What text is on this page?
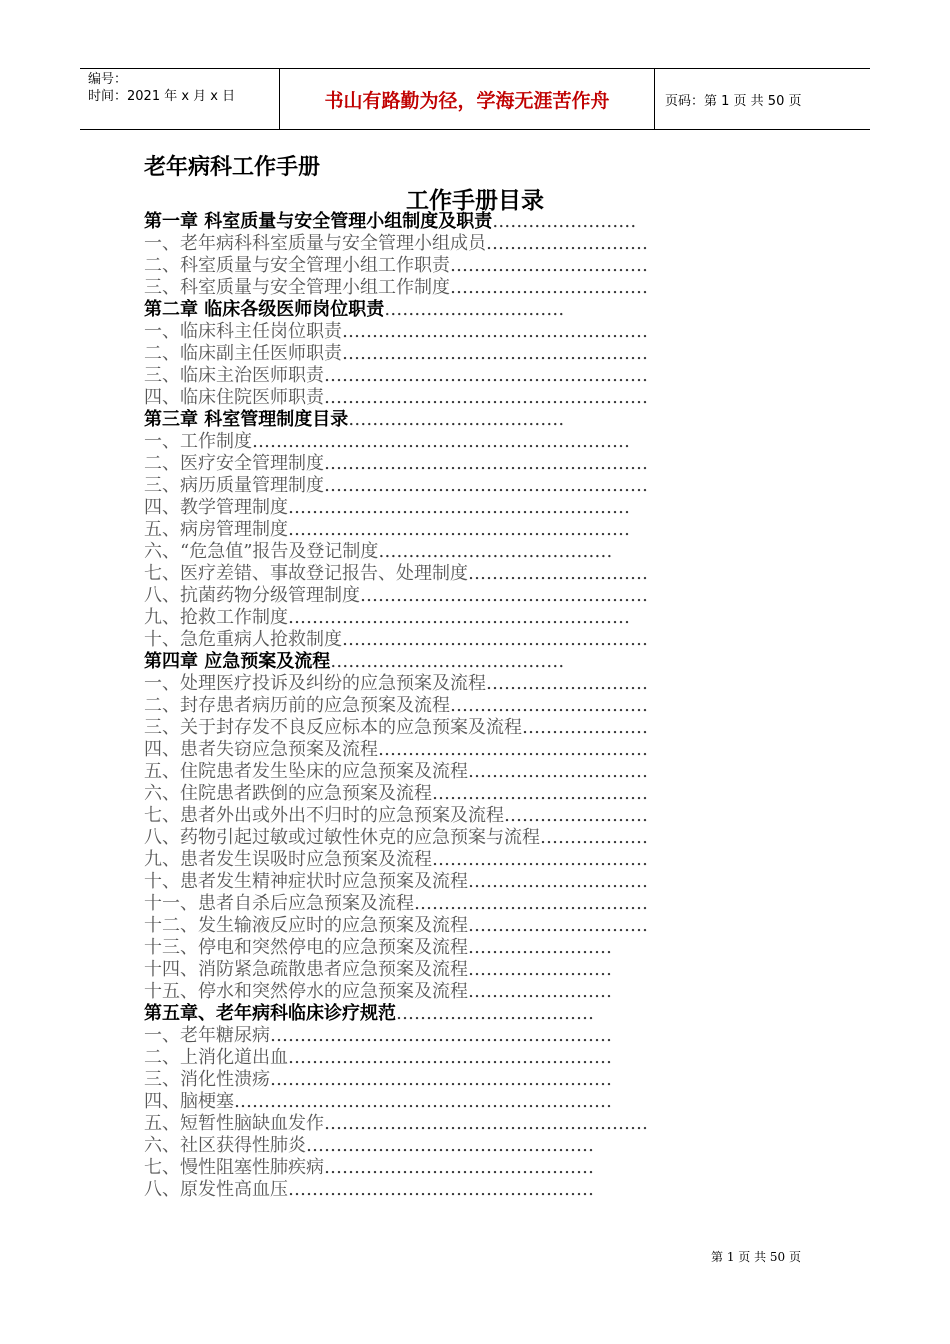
编号：
时间：2021 年 x 月 x 日	书山有路勤为径，学海无涯苦作舟	页码：第 1 页 共 50 页
老年病科工作手册
工作手册目录
第一章 科室质量与安全管理小组制度及职责 ……………………
一、老年病科科室质量与安全管理小组成员 ………………………
二、科室质量与安全管理小组工作职责 ……………………………
三、科室质量与安全管理小组工作制度 ……………………………
第二章 临床各级医师岗位职责 …………………………
一、临床科主任岗位职责 ……………………………………………
二、临床副主任医师职责 ……………………………………………
三、临床主治医师职责 ………………………………………………
四、临床住院医师职责 ………………………………………………
第三章 科室管理制度目录 ………………………………
一、工作制度 ………………………………………………………
二、医疗安全管理制度 ………………………………………………
三、病历质量管理制度 ………………………………………………
四、教学管理制度 …………………………………………………
五、病房管理制度 …………………………………………………
六、“危急值”报告及登记制度 …………………………………
七、医疗差错、事故登记报告、处理制度 …………………………
八、抗菌药物分级管理制度 …………………………………………
九、抢救工作制度 …………………………………………………
十、急危重病人抢救制度 ……………………………………………
第四章 应急预案及流程 …………………………………
一、处理医疗投诉及纠纷的应急预案及流程 ………………………
二、封存患者病历前的应急预案及流程 ……………………………
三、关于封存发不良反应标本的应急预案及流程 …………………
四、患者失窃应急预案及流程 ………………………………………
五、住院患者发生坠床的应急预案及流程 …………………………
六、住院患者跌倒的应急预案及流程 ………………………………
七、患者外出或外出不归时的应急预案及流程 ……………………
八、药物引起过敏或过敏性休克的应急预案与流程 ………………
九、患者发生误吸时应急预案及流程 ………………………………
十、患者发生精神症状时应急预案及流程 …………………………
十一、患者自杀后应急预案及流程 …………………………………
十二、发生输液反应时的应急预案及流程 …………………………
十三、停电和突然停电的应急预案及流程 ……………………
十四、消防紧急疏散患者应急预案及流程 ……………………
十五、停水和突然停水的应急预案及流程 ……………………
第五章、老年病科临床诊疗规范 ……………………………
一、老年糖尿病 …………………………………………………
二、上消化道出血 ………………………………………………
三、消化性溃疡 …………………………………………………
四、脑梗塞 ………………………………………………………
五、短暂性脑缺血发作 ………………………………………………
六、社区获得性肺炎 …………………………………………
七、慢性阻塞性肺疾病 ………………………………………
八、原发性高血压 ……………………………………………
第 1 页 共 50 页
